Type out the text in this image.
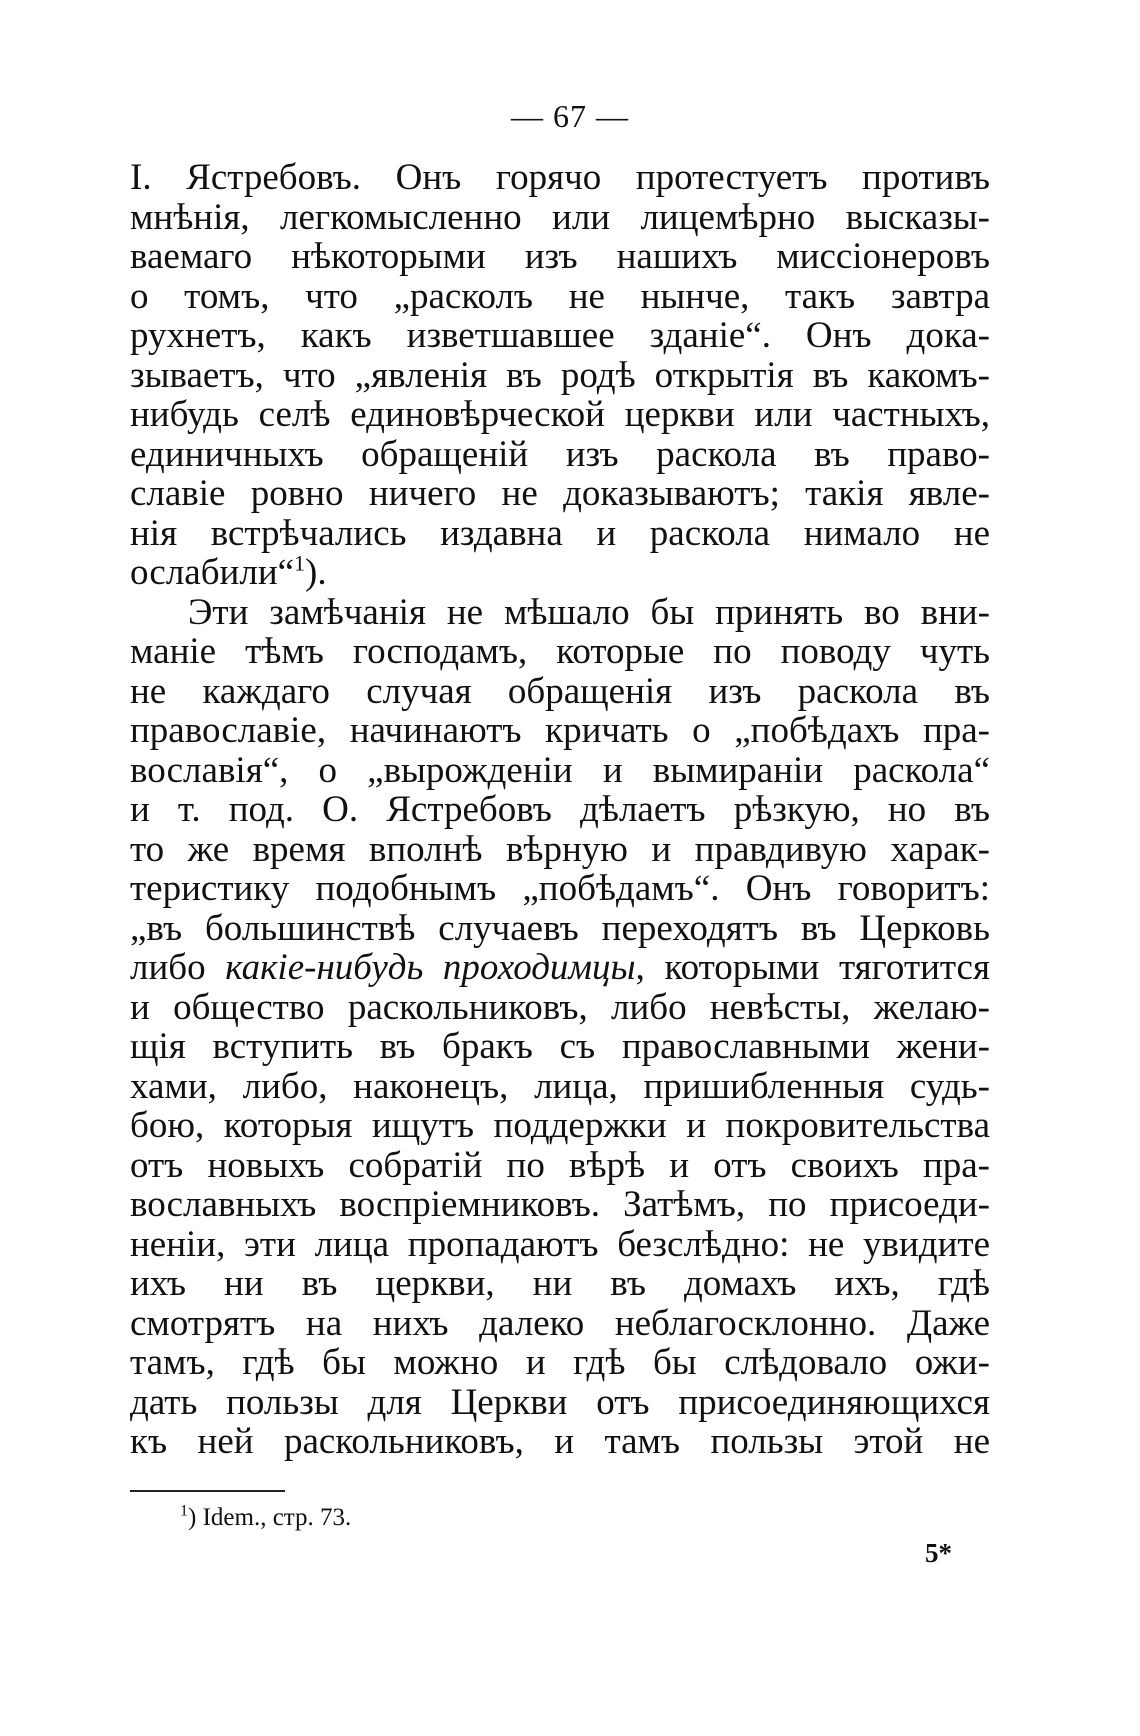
— 67 —
I. Ястребовъ. Онъ горячо протестуетъ противъ
мнѣнія, легкомысленно или лицемѣрно высказы-
ваемаго нѣкоторыми изъ нашихъ миссіонеровъ
о томъ, что „расколъ не нынче, такъ завтра
рухнетъ, какъ изветшавшее зданіе“. Онъ дока-
зываетъ, что „явленія въ родѣ открытія въ какомъ-
нибудь селѣ единовѣрческой церкви или частныхъ,
единичныхъ обращеній изъ раскола въ право-
славіе ровно ничего не доказываютъ; такія явле-
нія встрѣчались издавна и раскола нимало не
ослабили“$^1$).
Эти замѣчанія не мѣшало бы принять во вни-
маніе тѣмъ господамъ, которые по поводу чуть
не каждаго случая обращенія изъ раскола въ
православіе, начинаютъ кричать о „побѣдахъ пра-
вославія“, о „вырожденіи и вымираніи раскола“
и т. под. О. Ястребовъ дѣлаетъ рѣзкую, но въ
то же время вполнѣ вѣрную и правдивую харак-
теристику подобнымъ „побѣдамъ“. Онъ говоритъ:
„въ большинствѣ случаевъ переходятъ въ Церковь
либо какіе-нибудь проходимцы, которыми тяготится
и общество раскольниковъ, либо невѣсты, желаю-
щія вступить въ бракъ съ православными жени-
хами, либо, наконецъ, лица, пришибленныя судь-
бою, которыя ищутъ поддержки и покровительства
отъ новыхъ собратій по вѣрѣ и отъ своихъ пра-
вославныхъ воспріемниковъ. Затѣмъ, по присоеди-
неніи, эти лица пропадаютъ безслѣдно: не увидите
ихъ ни въ церкви, ни въ домахъ ихъ, гдѣ
смотрятъ на нихъ далеко неблагосклонно. Даже
тамъ, гдѣ бы можно и гдѣ бы слѣдовало ожи-
дать пользы для Церкви отъ присоединяющихся
къ ней раскольниковъ, и тамъ пользы этой не
$^1$) Idem., стр. 73.
5*
